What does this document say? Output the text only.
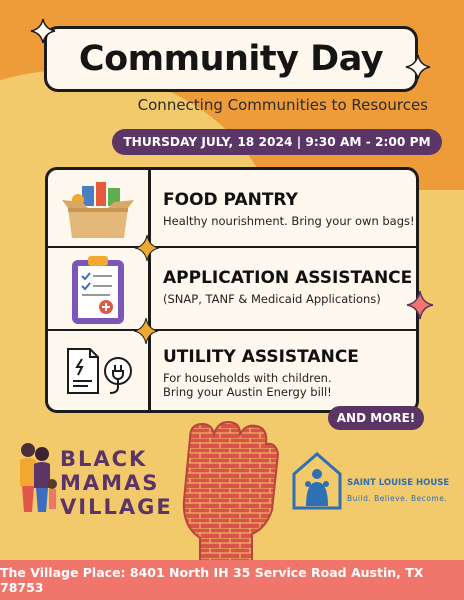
Community Day
Connecting Communities to Resources
THURSDAY JULY, 18 2024 | 9:30 AM - 2:00 PM
FOOD PANTRY
Healthy nourishment. Bring your own bags!
APPLICATION ASSISTANCE
(SNAP, TANF & Medicaid Applications)
UTILITY ASSISTANCE
For households with children.
Bring your Austin Energy bill!
AND MORE!
BLACK
MAMAS
VILLAGE
SAINT LOUISE HOUSE
Build. Believe. Become.
The Village Place: 8401 North IH 35 Service Road Austin, TX 78753
